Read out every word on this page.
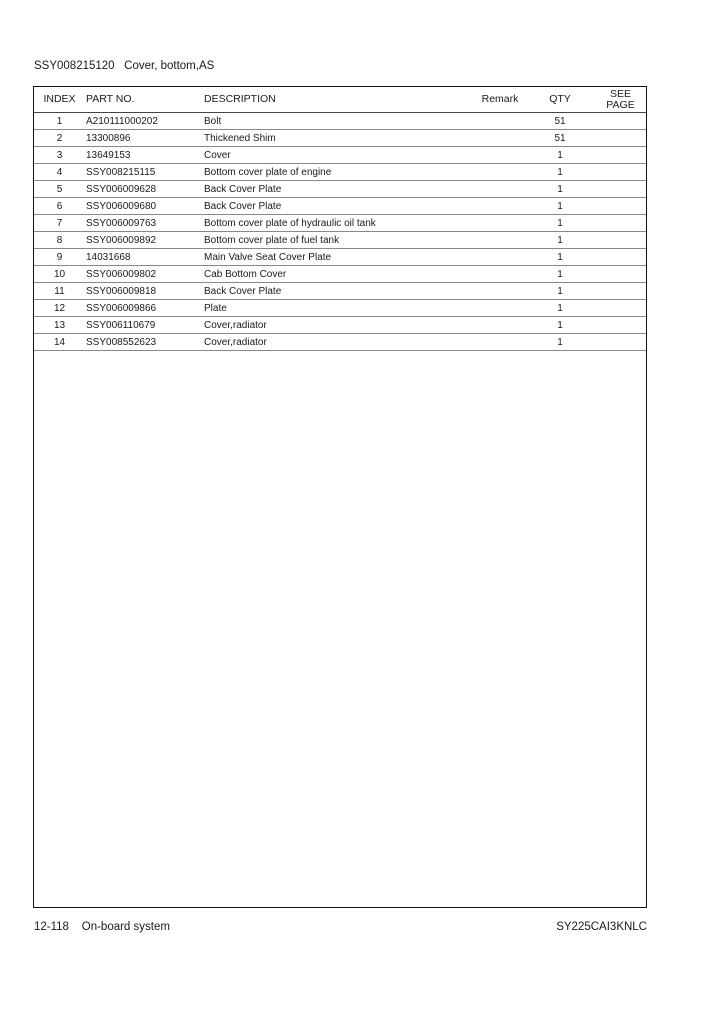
SSY008215120 Cover, bottom,AS
INDEX	PART NO.	DESCRIPTION	Remark	QTY	SEE
PAGE
1	A210111000202	Bolt		51	
2	13300896	Thickened Shim		51	
3	13649153	Cover		1	
4	SSY008215115	Bottom cover plate of engine		1	
5	SSY006009628	Back Cover Plate		1	
6	SSY006009680	Back Cover Plate		1	
7	SSY006009763	Bottom cover plate of hydraulic oil tank		1	
8	SSY006009892	Bottom cover plate of fuel tank		1	
9	14031668	Main Valve Seat Cover Plate		1	
10	SSY006009802	Cab Bottom Cover		1	
11	SSY006009818	Back Cover Plate		1	
12	SSY006009866	Plate		1	
13	SSY006110679	Cover,radiator		1	
14	SSY008552623	Cover,radiator		1	
12-118 On-board system	SY225CAI3KNLC
